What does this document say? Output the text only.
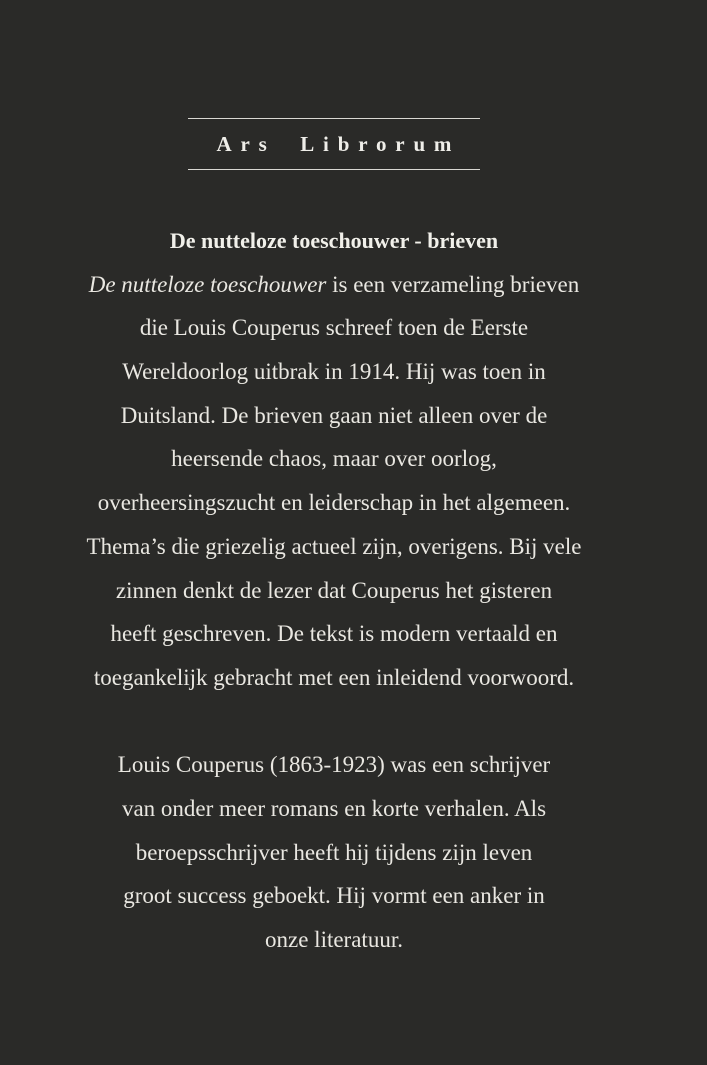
Ars Librorum
De nutteloze toeschouwer - brieven
De nutteloze toeschouwer is een verzameling brieven
die Louis Couperus schreef toen de Eerste
Wereldoorlog uitbrak in 1914. Hij was toen in
Duitsland. De brieven gaan niet alleen over de
heersende chaos, maar over oorlog,
overheersingszucht en leiderschap in het algemeen.
Thema’s die griezelig actueel zijn, overigens. Bij vele
zinnen denkt de lezer dat Couperus het gisteren
heeft geschreven. De tekst is modern vertaald en
toegankelijk gebracht met een inleidend voorwoord.
Louis Couperus (1863-1923) was een schrijver
van onder meer romans en korte verhalen. Als
beroepsschrijver heeft hij tijdens zijn leven
groot success geboekt. Hij vormt een anker in
onze literatuur.
